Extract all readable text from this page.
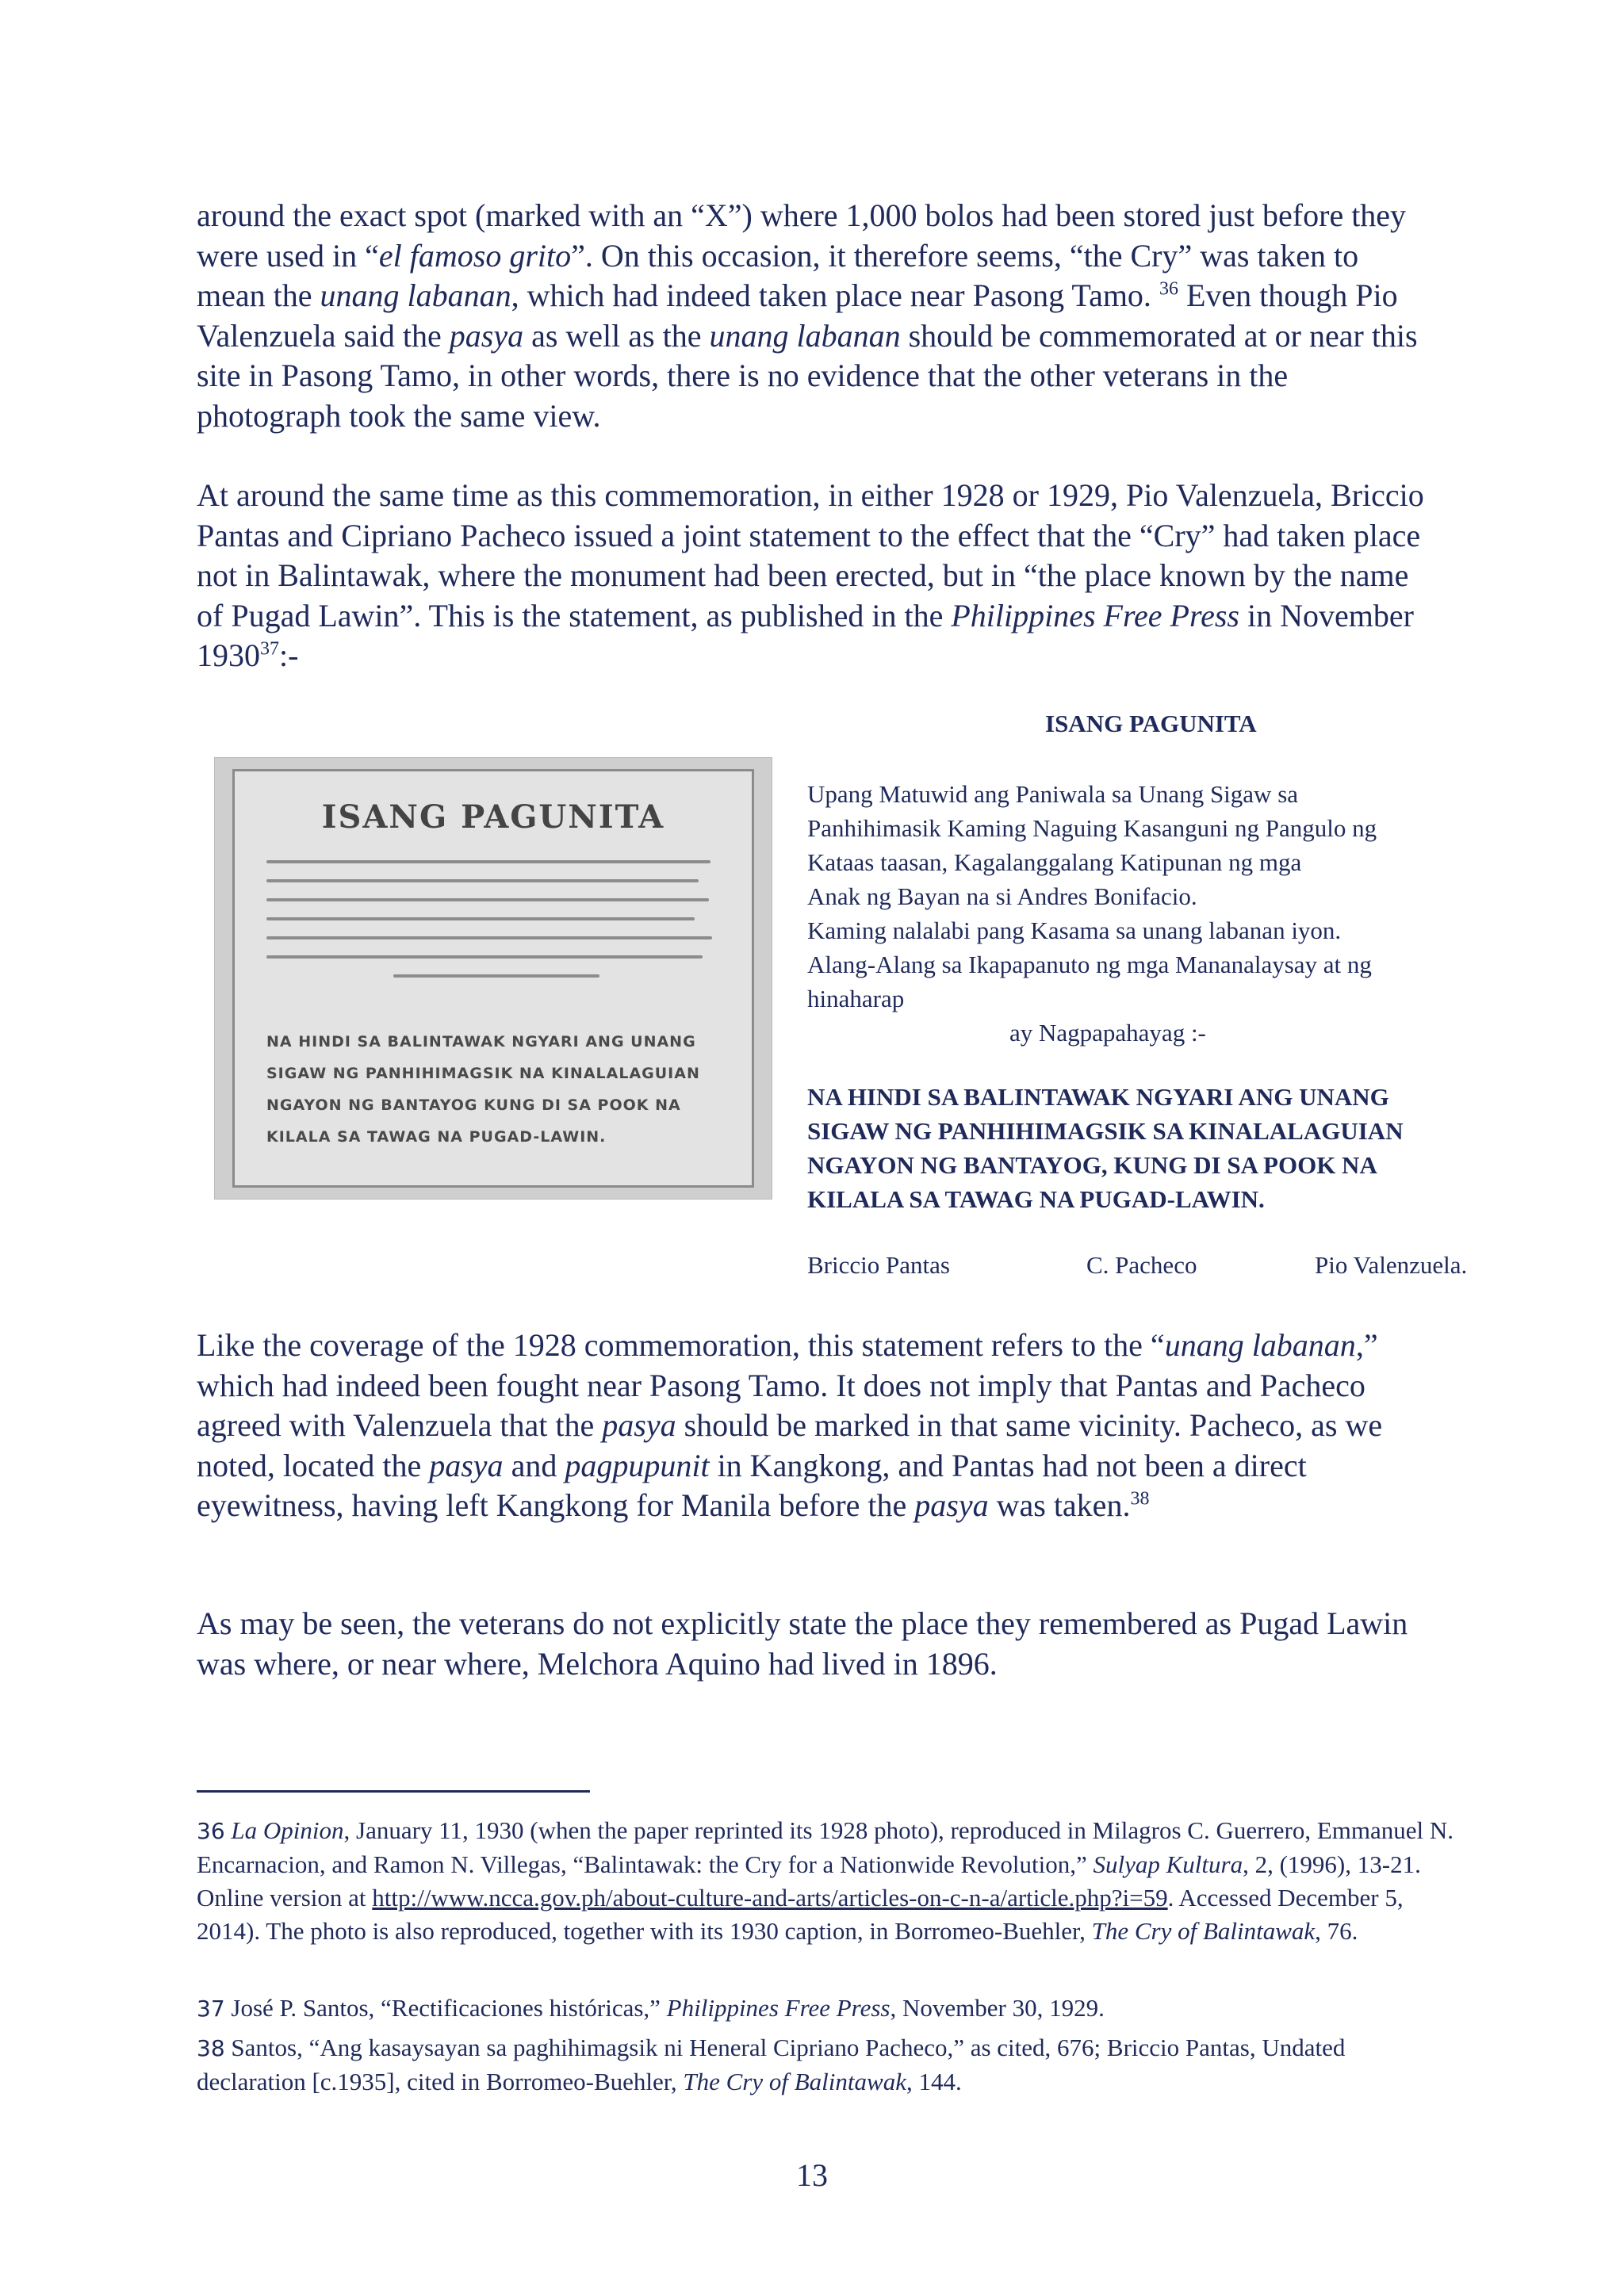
around the exact spot (marked with an “X”) where 1,000 bolos had been stored just before they were used in “el famoso grito”. On this occasion, it therefore seems, “the Cry” was taken to mean the unang labanan, which had indeed taken place near Pasong Tamo. $^{36}$ Even though Pio Valenzuela said the pasya as well as the unang labanan should be commemorated at or near this site in Pasong Tamo, in other words, there is no evidence that the other veterans in the photograph took the same view.

At around the same time as this commemoration, in either 1928 or 1929, Pio Valenzuela, Briccio Pantas and Cipriano Pacheco issued a joint statement to the effect that the “Cry” had taken place not in Balintawak, where the monument had been erected, but in “the place known by the name of Pugad Lawin”. This is the statement, as published in the Philippines Free Press in November 1930$^{37}$:-

ISANG PAGUNITA
NA HINDI SA BALINTAWAK NGYARI ANG UNANG
SIGAW NG PANHIHIMAGSIK NA KINALALAGUIAN
NGAYON NG BANTAYOG KUNG DI SA POOK NA
KILALA SA TAWAG NA PUGAD-LAWIN.
ISANG PAGUNITA
Upang Matuwid ang Paniwala sa Unang Sigaw sa
Panhihimasik Kaming Naguing Kasanguni ng Pangulo ng
Kataas taasan, Kagalanggalang Katipunan ng mga
Anak ng Bayan na si Andres Bonifacio.
Kaming nalalabi pang Kasama sa unang labanan iyon.
Alang-Alang sa Ikapapanuto ng mga Mananalaysay at ng
hinaharap
ay Nagpapahayag :-
NA HINDI SA BALINTAWAK NGYARI ANG UNANG
SIGAW NG PANHIHIMAGSIK SA KINALALAGUIAN
NGAYON NG BANTAYOG, KUNG DI SA POOK NA
KILALA SA TAWAG NA PUGAD-LAWIN.
Briccio Pantas	C. Pacheco	Pio Valenzuela.

Like the coverage of the 1928 commemoration, this statement refers to the “unang labanan,” which had indeed been fought near Pasong Tamo. It does not imply that Pantas and Pacheco agreed with Valenzuela that the pasya should be marked in that same vicinity. Pacheco, as we noted, located the pasya and pagpupunit in Kangkong, and Pantas had not been a direct eyewitness, having left Kangkong for Manila before the pasya was taken.$^{38}$

As may be seen, the veterans do not explicitly state the place they remembered as Pugad Lawin was where, or near where, Melchora Aquino had lived in 1896.

36 La Opinion, January 11, 1930 (when the paper reprinted its 1928 photo), reproduced in Milagros C. Guerrero, Emmanuel N. Encarnacion, and Ramon N. Villegas, “Balintawak: the Cry for a Nationwide Revolution,” Sulyap Kultura, 2, (1996), 13-21. Online version at http://www.ncca.gov.ph/about-culture-and-arts/articles-on-c-n-a/article.php?i=59. Accessed December 5, 2014). The photo is also reproduced, together with its 1930 caption, in Borromeo-Buehler, The Cry of Balintawak, 76.

37 José P. Santos, “Rectificaciones históricas,” Philippines Free Press, November 30, 1929.

38 Santos, “Ang kasaysayan sa paghihimagsik ni Heneral Cipriano Pacheco,” as cited, 676; Briccio Pantas, Undated declaration [c.1935], cited in Borromeo-Buehler, The Cry of Balintawak, 144.

13
